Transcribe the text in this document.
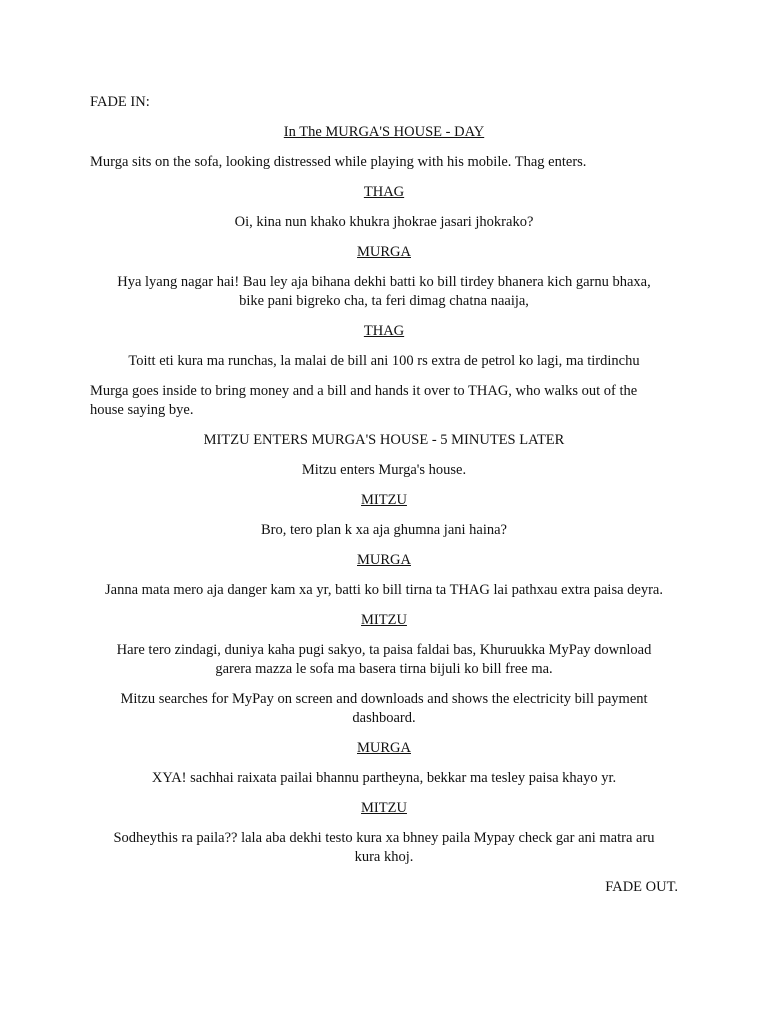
FADE IN:

In The MURGA'S HOUSE - DAY

Murga sits on the sofa, looking distressed while playing with his mobile. Thag enters.

THAG

Oi, kina nun khako khukra jhokrae jasari jhokrako?

MURGA

Hya lyang nagar hai! Bau ley aja bihana dekhi batti ko bill tirdey bhanera kich garnu bhaxa,

bike pani bigreko cha, ta feri dimag chatna naaija,

THAG

Toitt eti kura ma runchas, la malai de bill ani 100 rs extra de petrol ko lagi, ma tirdinchu

Murga goes inside to bring money and a bill and hands it over to THAG, who walks out of the

house saying bye.

MITZU ENTERS MURGA'S HOUSE - 5 MINUTES LATER

Mitzu enters Murga's house.

MITZU

Bro, tero plan k xa aja ghumna jani haina?

MURGA

Janna mata mero aja danger kam xa yr, batti ko bill tirna ta THAG lai pathxau extra paisa deyra.

MITZU

Hare tero zindagi, duniya kaha pugi sakyo, ta paisa faldai bas, Khuruukka MyPay download

garera mazza le sofa ma basera tirna bijuli ko bill free ma.

Mitzu searches for MyPay on screen and downloads and shows the electricity bill payment

dashboard.

MURGA

XYA! sachhai raixata pailai bhannu partheyna, bekkar ma tesley paisa khayo yr.

MITZU

Sodheythis ra paila?? lala aba dekhi testo kura xa bhney paila Mypay check gar ani matra aru

kura khoj.

FADE OUT.
